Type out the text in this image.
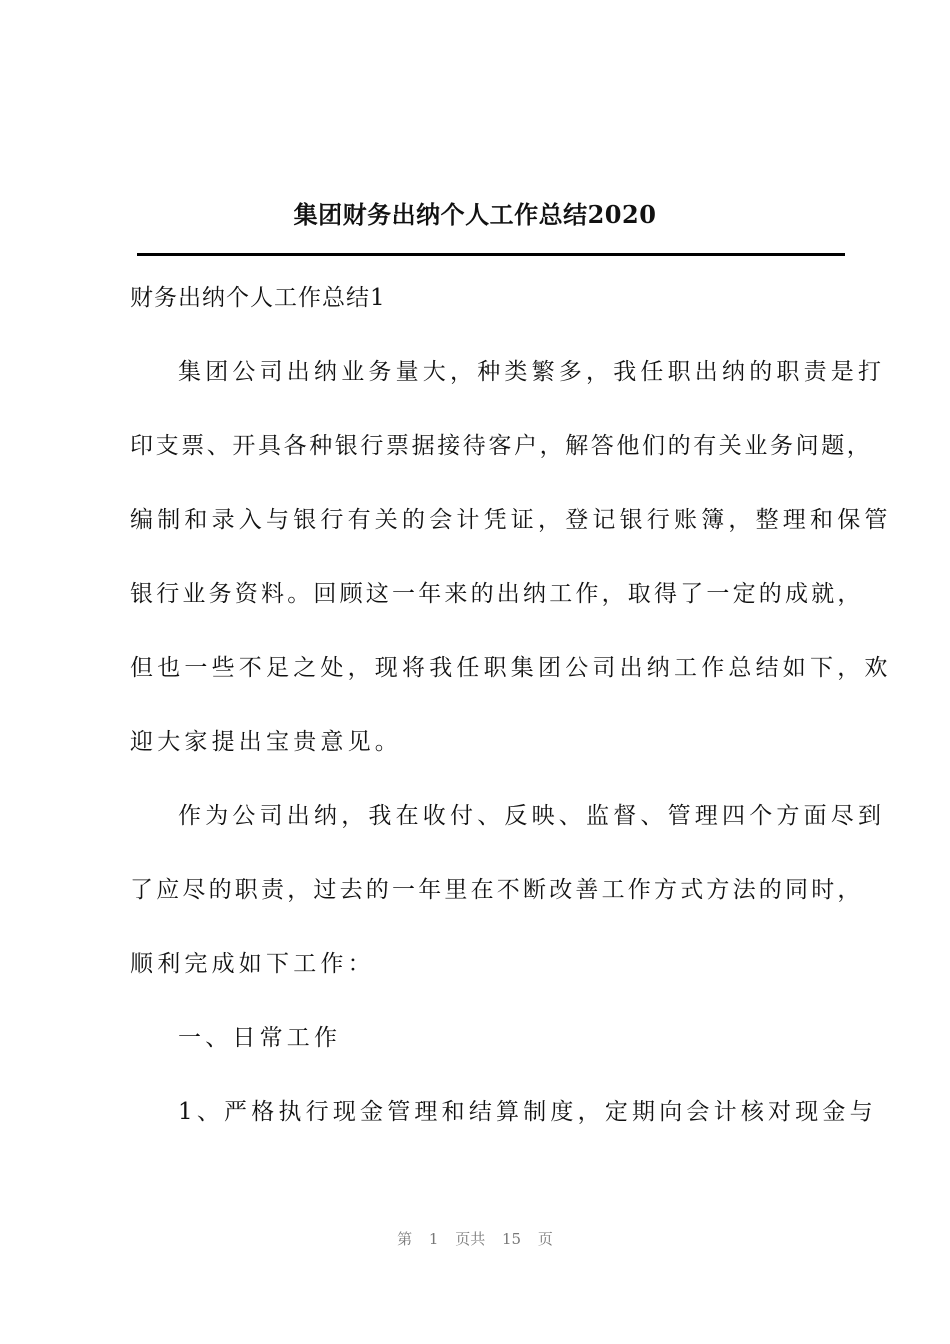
集团财务出纳个人工作总结2020
财务出纳个人工作总结1
集团公司出纳业务量大，种类繁多，我任职出纳的职责是打
印支票、开具各种银行票据接待客户，解答他们的有关业务问题，
编制和录入与银行有关的会计凭证，登记银行账簿，整理和保管
银行业务资料。回顾这一年来的出纳工作，取得了一定的成就，
但也一些不足之处，现将我任职集团公司出纳工作总结如下，欢
迎大家提出宝贵意见。
作为公司出纳，我在收付、反映、监督、管理四个方面尽到
了应尽的职责，过去的一年里在不断改善工作方式方法的同时，
顺利完成如下工作：
一、日常工作
1、严格执行现金管理和结算制度，定期向会计核对现金与
第 1 页共 15 页
